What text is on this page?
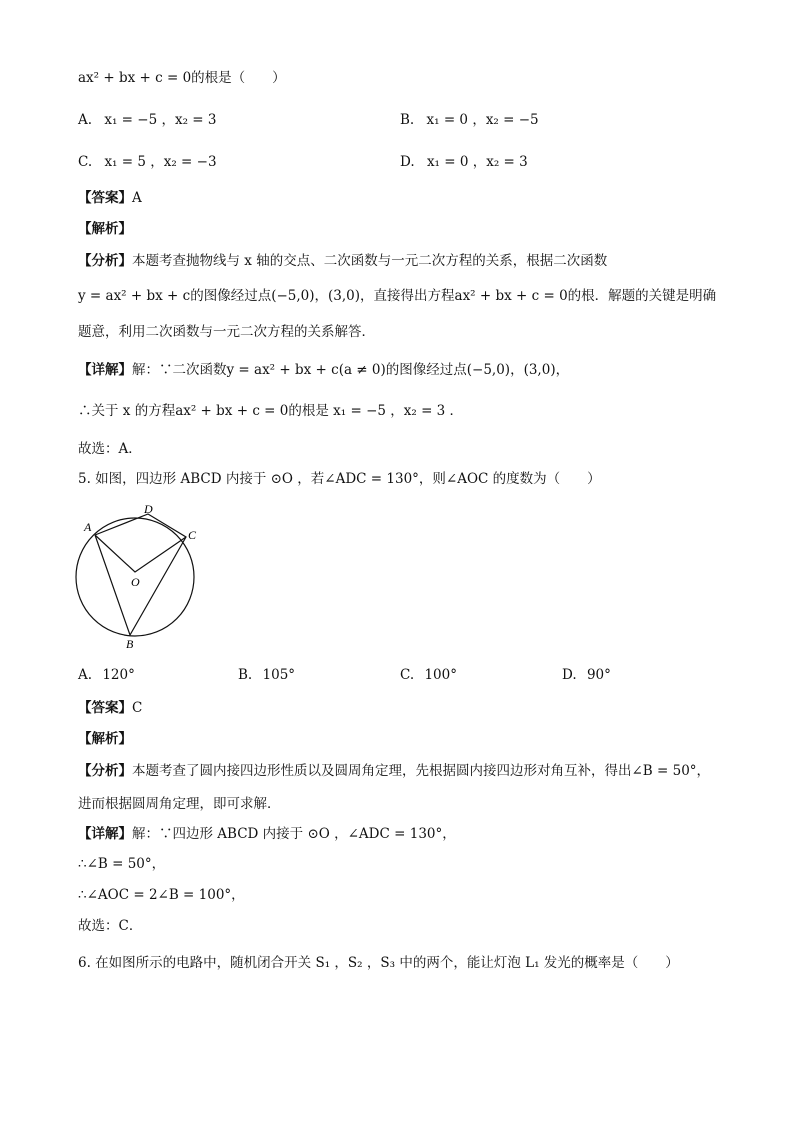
ax² + bx + c = 0的根是（　　）
A. x₁ = −5 ，x₂ = 3	B. x₁ = 0 ，x₂ = −5
C. x₁ = 5 ，x₂ = −3	D. x₁ = 0 ，x₂ = 3
【答案】A
【解析】
【分析】本题考查抛物线与 x 轴的交点、二次函数与一元二次方程的关系，根据二次函数
y = ax² + bx + c的图像经过点(−5,0)，(3,0)，直接得出方程ax² + bx + c = 0的根．解题的关键是明确
题意，利用二次函数与一元二次方程的关系解答．
【详解】解：∵二次函数y = ax² + bx + c(a ≠ 0)的图像经过点(−5,0)，(3,0)，
∴关于 x 的方程ax² + bx + c = 0的根是 x₁ = −5 ，x₂ = 3 ．
故选：A．
5. 如图，四边形 ABCD 内接于 ⊙O ，若∠ADC = 130°，则∠AOC 的度数为（　　）
A
D
C
O
B
A. 120°	B. 105°	C. 100°	D. 90°
【答案】C
【解析】
【分析】本题考查了圆内接四边形性质以及圆周角定理，先根据圆内接四边形对角互补，得出∠B = 50°，
进而根据圆周角定理，即可求解．
【详解】解：∵四边形 ABCD 内接于 ⊙O ，∠ADC = 130°，
∴∠B = 50°，
∴∠AOC = 2∠B = 100°，
故选：C．
6. 在如图所示的电路中，随机闭合开关 S₁ ，S₂ ，S₃ 中的两个，能让灯泡 L₁ 发光的概率是（　　）
